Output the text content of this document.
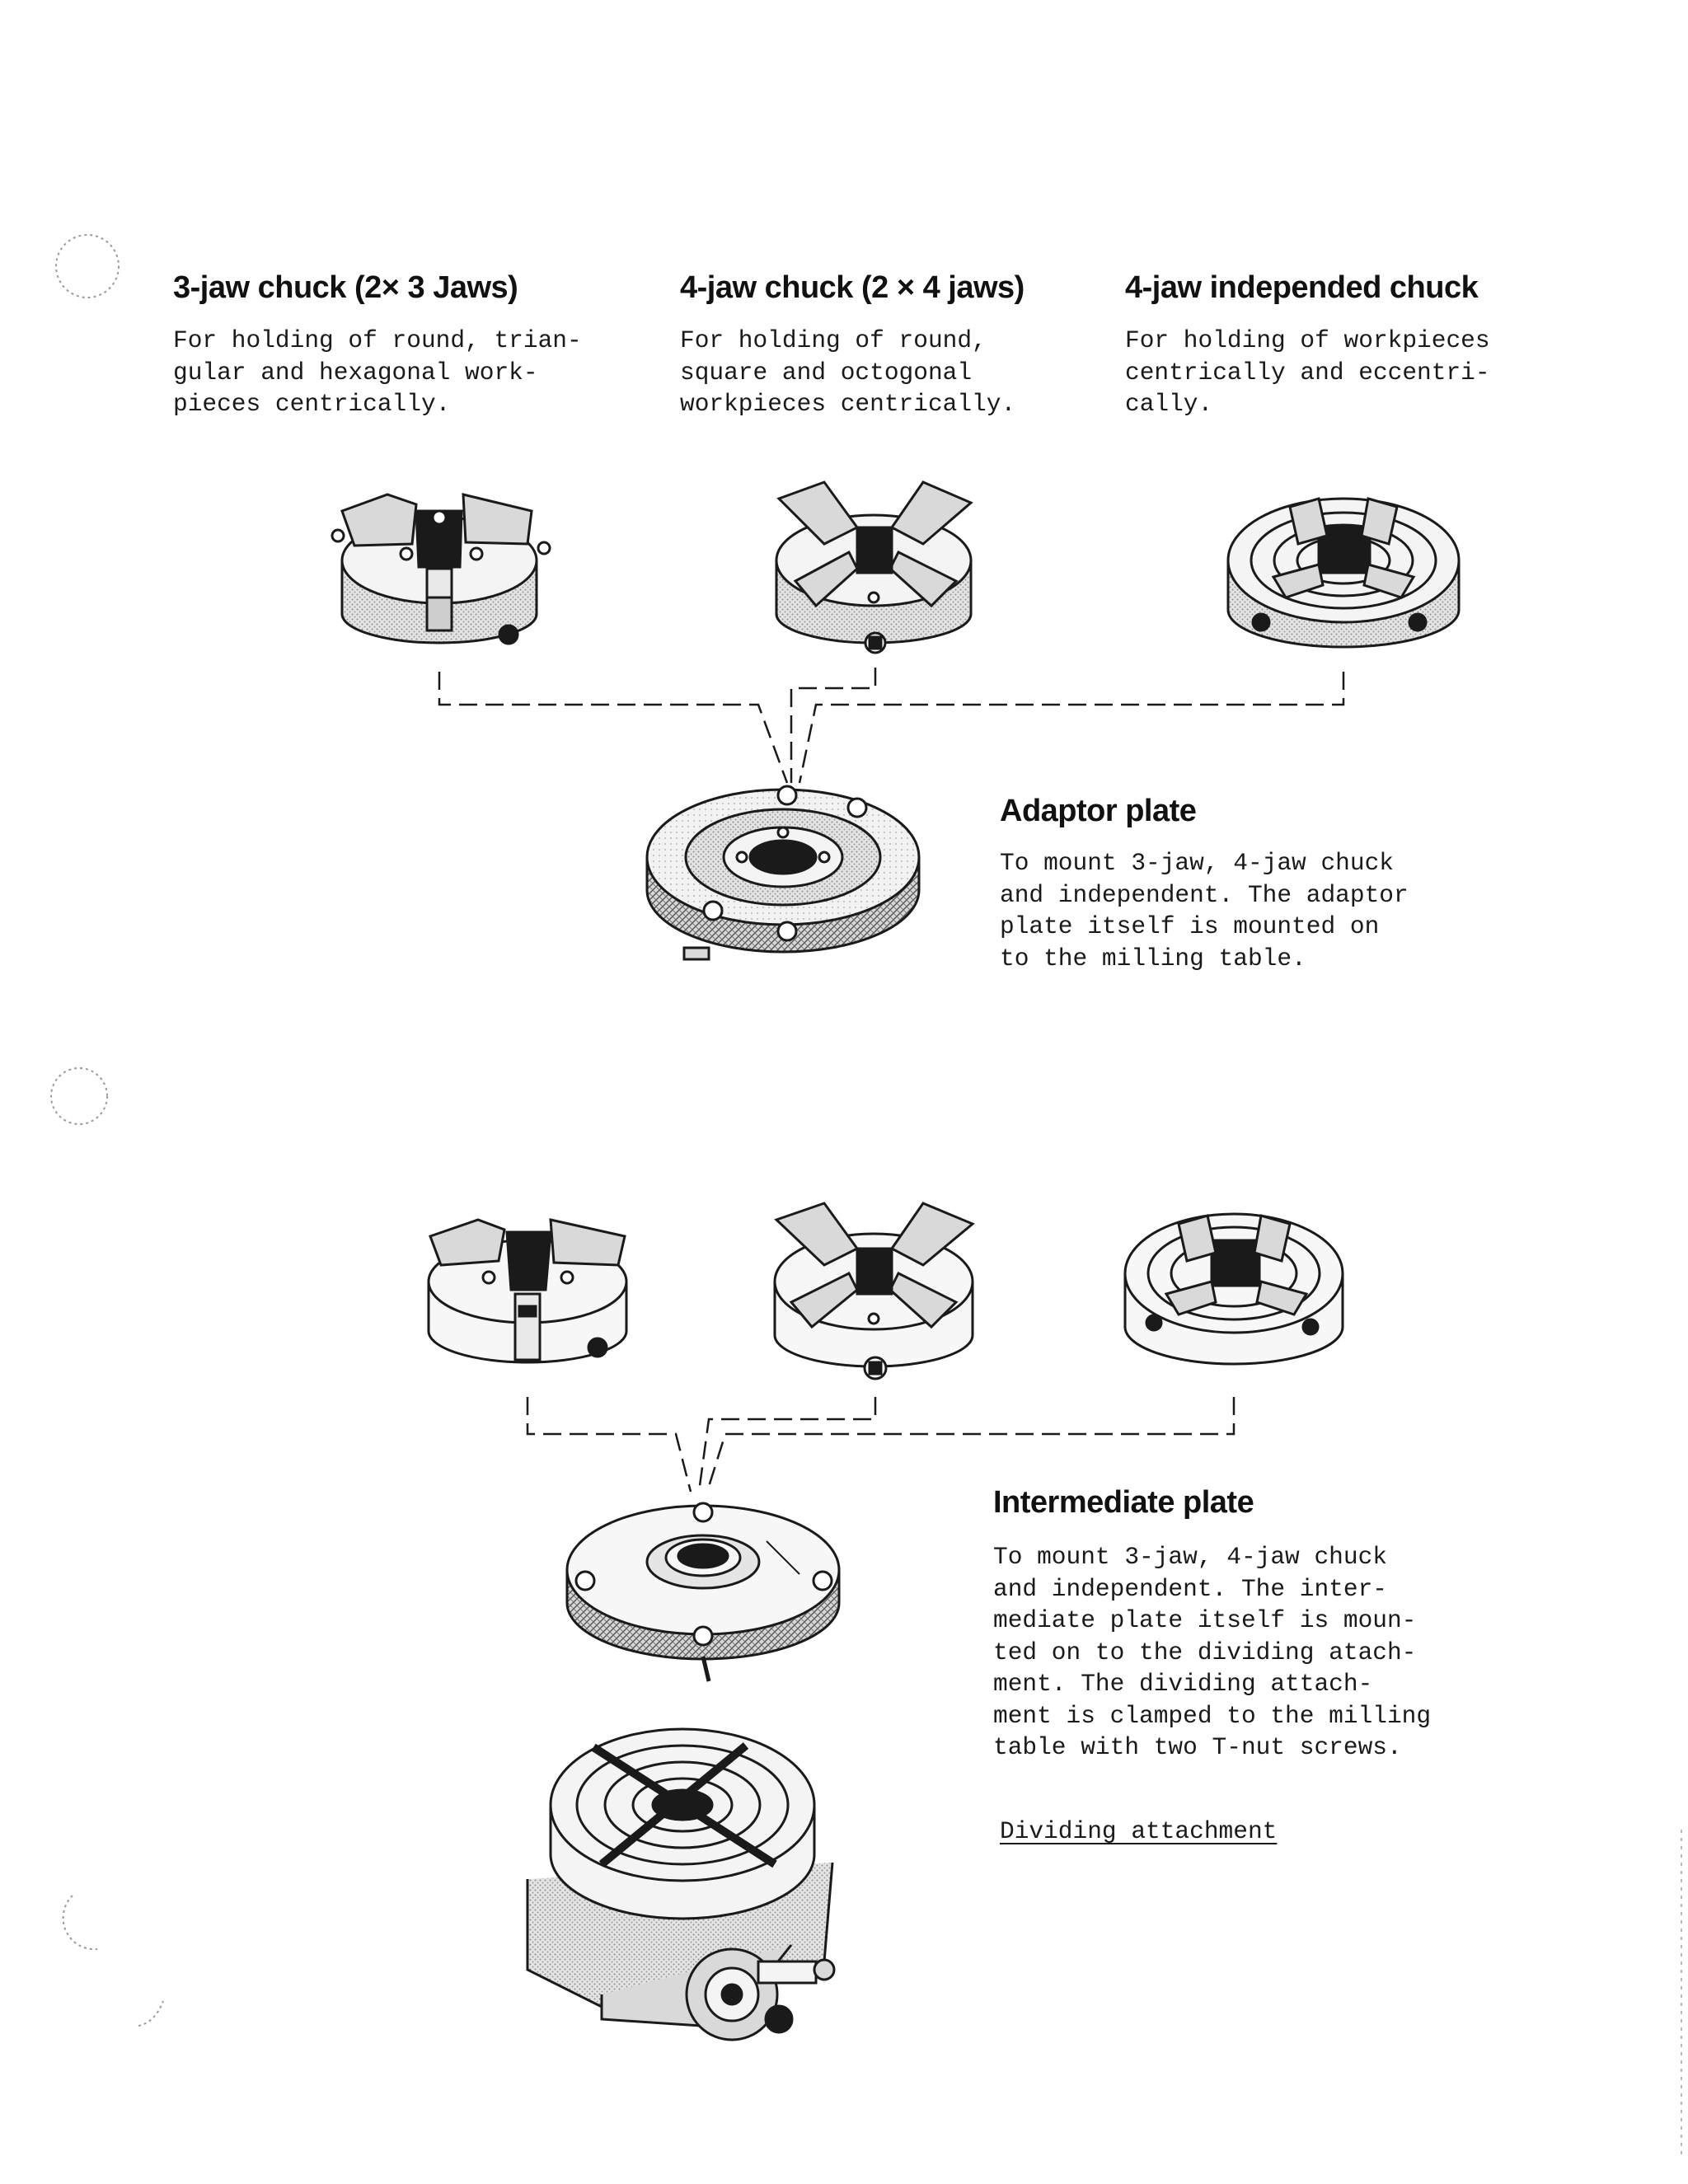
3-jaw chuck (2× 3 Jaws)

For holding of round, trian-
gular and hexagonal work-
pieces centrically.

4-jaw chuck (2 × 4 jaws)

For holding of round,
square and octogonal
workpieces centrically.

4-jaw independed chuck

For holding of workpieces
centrically and eccentri-
cally.

Adaptor plate

To mount 3-jaw, 4-jaw chuck
and independent. The adaptor
plate itself is mounted on
to the milling table.

Intermediate plate

To mount 3-jaw, 4-jaw chuck
and independent. The inter-
mediate plate itself is moun-
ted on to the dividing atach-
ment. The dividing attach-
ment is clamped to the milling
table with two T-nut screws.

Dividing attachment
